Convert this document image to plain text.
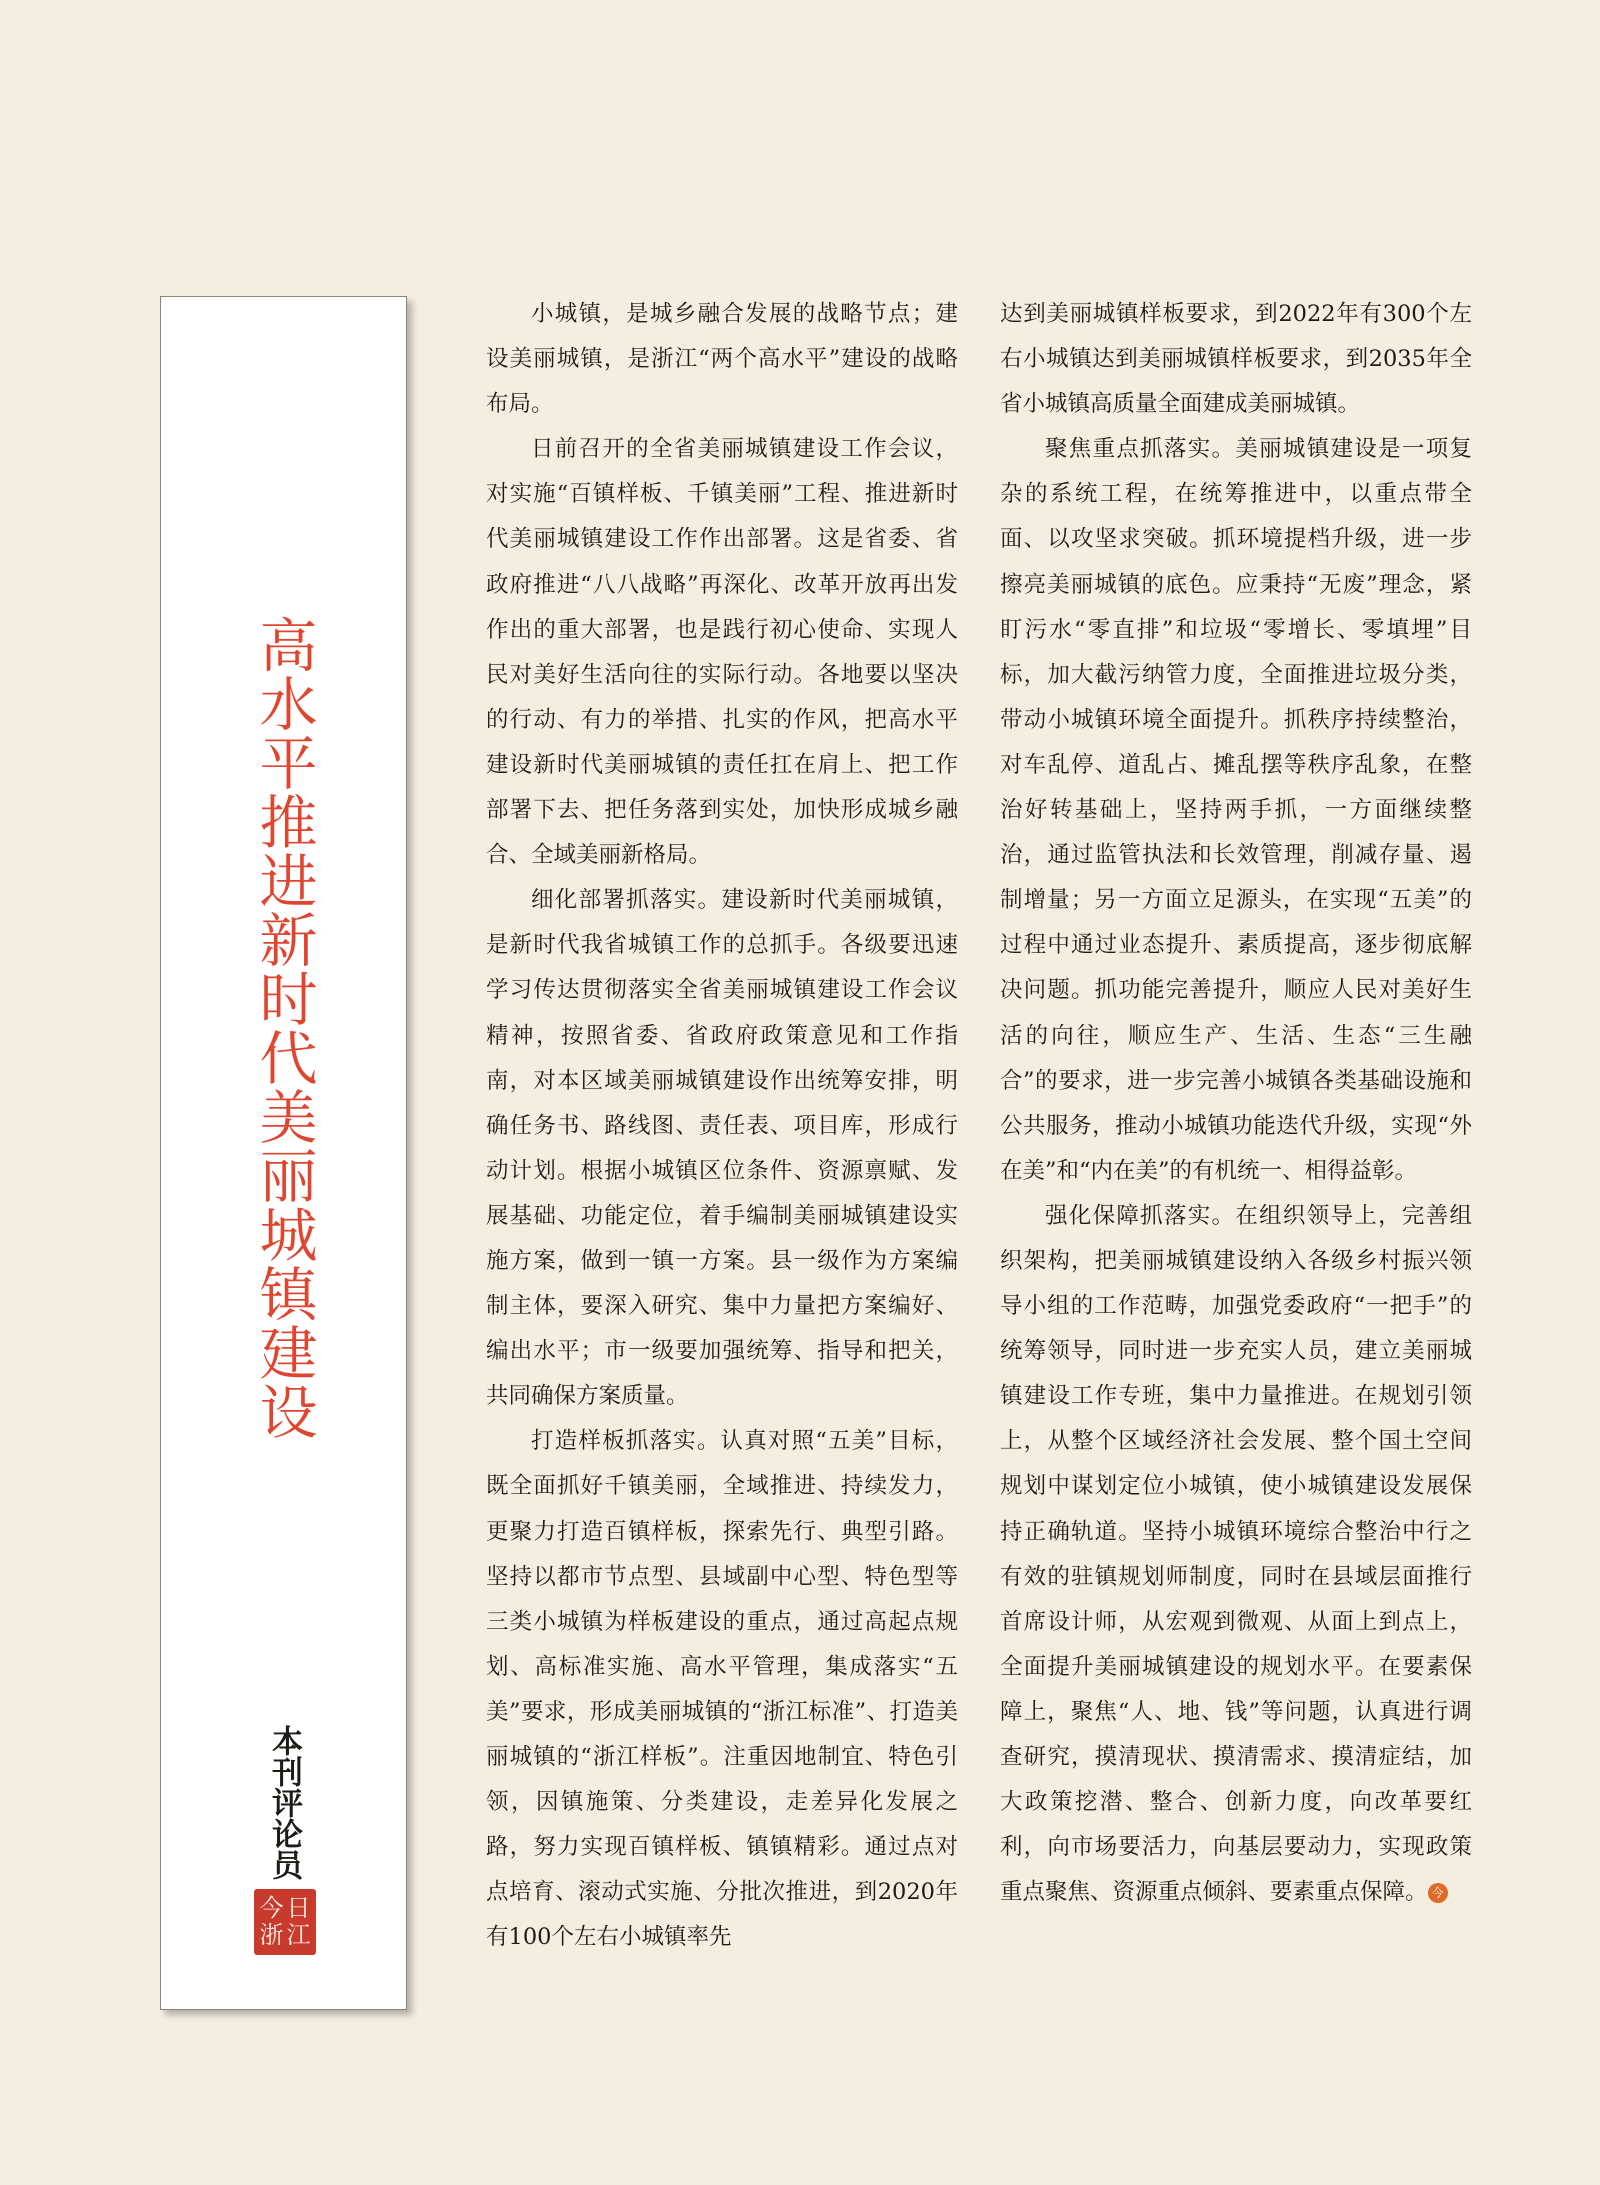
高水平推进新时代美丽城镇建设
本刊评论员
今 日
浙 江

小城镇，是城乡融合发展的战略节点；建设美丽城镇，是浙江“两个高水平”建设的战略布局。

日前召开的全省美丽城镇建设工作会议，对实施“百镇样板、千镇美丽”工程、推进新时代美丽城镇建设工作作出部署。这是省委、省政府推进“八八战略”再深化、改革开放再出发作出的重大部署，也是践行初心使命、实现人民对美好生活向往的实际行动。各地要以坚决的行动、有力的举措、扎实的作风，把高水平建设新时代美丽城镇的责任扛在肩上、把工作部署下去、把任务落到实处，加快形成城乡融合、全域美丽新格局。

细化部署抓落实。建设新时代美丽城镇，是新时代我省城镇工作的总抓手。各级要迅速学习传达贯彻落实全省美丽城镇建设工作会议精神，按照省委、省政府政策意见和工作指南，对本区域美丽城镇建设作出统筹安排，明确任务书、路线图、责任表、项目库，形成行动计划。根据小城镇区位条件、资源禀赋、发展基础、功能定位，着手编制美丽城镇建设实施方案，做到一镇一方案。县一级作为方案编制主体，要深入研究、集中力量把方案编好、编出水平；市一级要加强统筹、指导和把关，共同确保方案质量。

打造样板抓落实。认真对照“五美”目标，既全面抓好千镇美丽，全域推进、持续发力，更聚力打造百镇样板，探索先行、典型引路。坚持以都市节点型、县域副中心型、特色型等三类小城镇为样板建设的重点，通过高起点规划、高标准实施、高水平管理，集成落实“五美”要求，形成美丽城镇的“浙江标准”、打造美丽城镇的“浙江样板”。注重因地制宜、特色引领，因镇施策、分类建设，走差异化发展之路，努力实现百镇样板、镇镇精彩。通过点对点培育、滚动式实施、分批次推进，到2020年有100个左右小城镇率先

达到美丽城镇样板要求，到2022年有300个左右小城镇达到美丽城镇样板要求，到2035年全省小城镇高质量全面建成美丽城镇。

聚焦重点抓落实。美丽城镇建设是一项复杂的系统工程，在统筹推进中，以重点带全面、以攻坚求突破。抓环境提档升级，进一步擦亮美丽城镇的底色。应秉持“无废”理念，紧盯污水“零直排”和垃圾“零增长、零填埋”目标，加大截污纳管力度，全面推进垃圾分类，带动小城镇环境全面提升。抓秩序持续整治，对车乱停、道乱占、摊乱摆等秩序乱象，在整治好转基础上，坚持两手抓，一方面继续整治，通过监管执法和长效管理，削减存量、遏制增量；另一方面立足源头，在实现“五美”的过程中通过业态提升、素质提高，逐步彻底解决问题。抓功能完善提升，顺应人民对美好生活的向往，顺应生产、生活、生态“三生融合”的要求，进一步完善小城镇各类基础设施和公共服务，推动小城镇功能迭代升级，实现“外在美”和“内在美”的有机统一、相得益彰。

强化保障抓落实。在组织领导上，完善组织架构，把美丽城镇建设纳入各级乡村振兴领导小组的工作范畴，加强党委政府“一把手”的统筹领导，同时进一步充实人员，建立美丽城镇建设工作专班，集中力量推进。在规划引领上，从整个区域经济社会发展、整个国土空间规划中谋划定位小城镇，使小城镇建设发展保持正确轨道。坚持小城镇环境综合整治中行之有效的驻镇规划师制度，同时在县域层面推行首席设计师，从宏观到微观、从面上到点上，全面提升美丽城镇建设的规划水平。在要素保障上，聚焦“人、地、钱”等问题，认真进行调查研究，摸清现状、摸清需求、摸清症结，加大政策挖潜、整合、创新力度，向改革要红利，向市场要活力，向基层要动力，实现政策重点聚焦、资源重点倾斜、要素重点保障。 今
